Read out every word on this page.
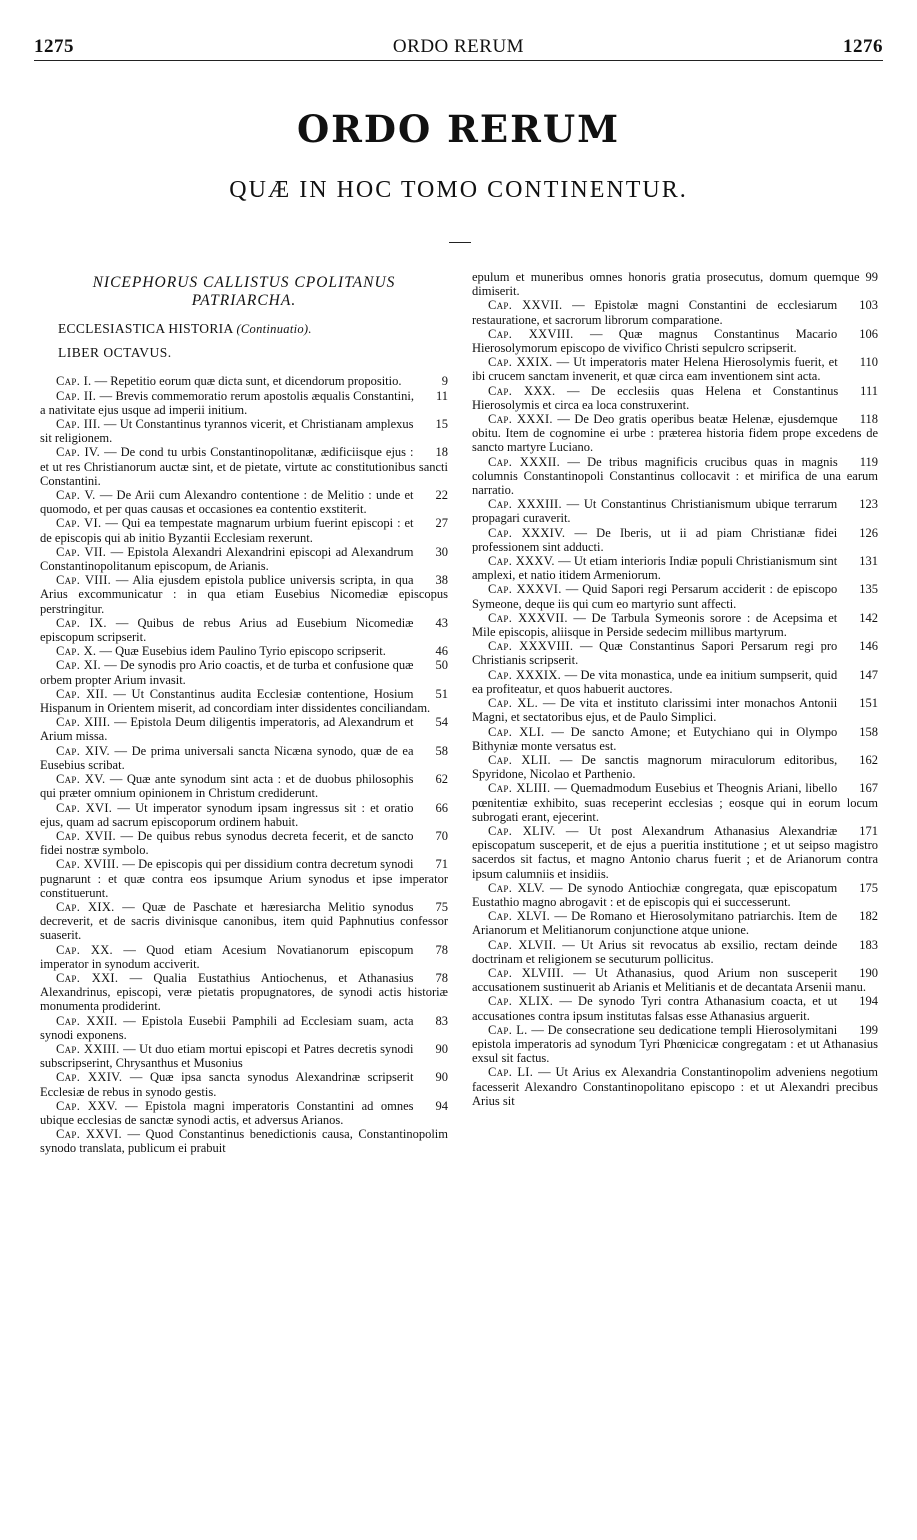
1275	ORDO RERUM	1276
ORDO RERUM
QUÆ IN HOC TOMO CONTINENTUR.
NICEPHORUS CALLISTUS CPOLITANUS PATRIARCHA.
ECCLESIASTICA HISTORIA (Continuatio).
LIBER OCTAVUS.

9
Cap. I. — Repetitio eorum quæ dicta sunt, et dicendorum propositio.

11
Cap. II. — Brevis commemoratio rerum apostolis æqualis Constantini, a nativitate ejus usque ad imperii initium.

15
Cap. III. — Ut Constantinus tyrannos vicerit, et Christianam amplexus sit religionem.

18
Cap. IV. — De cond tu urbis Constantinopolitanæ, ædificiisque ejus : et ut res Christianorum auctæ sint, et de pietate, virtute ac constitutionibus sancti Constantini.

22
Cap. V. — De Arii cum Alexandro contentione : de Melitio : unde et quomodo, et per quas causas et occasiones ea contentio exstiterit.

27
Cap. VI. — Qui ea tempestate magnarum urbium fuerint episcopi : et de episcopis qui ab initio Byzantii Ecclesiam rexerunt.

30
Cap. VII. — Epistola Alexandri Alexandrini episcopi ad Alexandrum Constantinopolitanum episcopum, de Arianis.

38
Cap. VIII. — Alia ejusdem epistola publice universis scripta, in qua Arius excommunicatur : in qua etiam Eusebius Nicomediæ episcopus perstringitur.

43
Cap. IX. — Quibus de rebus Arius ad Eusebium Nicomediæ episcopum scripserit.

46
Cap. X. — Quæ Eusebius idem Paulino Tyrio episcopo scripserit.

50
Cap. XI. — De synodis pro Ario coactis, et de turba et confusione quæ orbem propter Arium invasit.

51
Cap. XII. — Ut Constantinus audita Ecclesiæ contentione, Hosium Hispanum in Orientem miserit, ad concordiam inter dissidentes conciliandam.

54
Cap. XIII. — Epistola Deum diligentis imperatoris, ad Alexandrum et Arium missa.

58
Cap. XIV. — De prima universali sancta Nicæna synodo, quæ de ea Eusebius scribat.

62
Cap. XV. — Quæ ante synodum sint acta : et de duobus philosophis qui præter omnium opinionem in Christum crediderunt.

66
Cap. XVI. — Ut imperator synodum ipsam ingressus sit : et oratio ejus, quam ad sacrum episcoporum ordinem habuit.

70
Cap. XVII. — De quibus rebus synodus decreta fecerit, et de sancto fidei nostræ symbolo.

71
Cap. XVIII. — De episcopis qui per dissidium contra decretum synodi pugnarunt : et quæ contra eos ipsumque Arium synodus et ipse imperator constituerunt.

75
Cap. XIX. — Quæ de Paschate et hæresiarcha Melitio synodus decreverit, et de sacris divinisque canonibus, item quid Paphnutius confessor suaserit.

78
Cap. XX. — Quod etiam Acesium Novatianorum episcopum imperator in synodum acciverit.

78
Cap. XXI. — Qualia Eustathius Antiochenus, et Athanasius Alexandrinus, episcopi, veræ pietatis propugnatores, de synodi actis historiæ monumenta prodiderint.

83
Cap. XXII. — Epistola Eusebii Pamphili ad Ecclesiam suam, acta synodi exponens.

90
Cap. XXIII. — Ut duo etiam mortui episcopi et Patres decretis synodi subscripserint, Chrysanthus et Musonius

90
Cap. XXIV. — Quæ ipsa sancta synodus Alexandrinæ scripserit Ecclesiæ de rebus in synodo gestis.

94
Cap. XXV. — Epistola magni imperatoris Constantini ad omnes ubique ecclesias de sanctæ synodi actis, et adversus Arianos.

Cap. XXVI. — Quod Constantinus benedictionis causa, Constantinopolim synodo translata, publicum ei prabuit

99
epulum et muneribus omnes honoris gratia prosecutus, domum quemque dimiserit.

103
Cap. XXVII. — Epistolæ magni Constantini de ecclesiarum restauratione, et sacrorum librorum comparatione.

106
Cap. XXVIII. — Quæ magnus Constantinus Macario Hierosolymorum episcopo de vivifico Christi sepulcro scripserit.

110
Cap. XXIX. — Ut imperatoris mater Helena Hierosolymis fuerit, et ibi crucem sanctam invenerit, et quæ circa eam inventionem sint acta.

111
Cap. XXX. — De ecclesiis quas Helena et Constantinus Hierosolymis et circa ea loca construxerint.

118
Cap. XXXI. — De Deo gratis operibus beatæ Helenæ, ejusdemque obitu. Item de cognomine ei urbe : præterea historia fidem prope excedens de sancto martyre Luciano.

119
Cap. XXXII. — De tribus magnificis crucibus quas in magnis columnis Constantinopoli Constantinus collocavit : et mirifica de una earum narratio.

123
Cap. XXXIII. — Ut Constantinus Christianismum ubique terrarum propagari curaverit.

126
Cap. XXXIV. — De Iberis, ut ii ad piam Christianæ fidei professionem sint adducti.

131
Cap. XXXV. — Ut etiam interioris Indiæ populi Christianismum sint amplexi, et natio itidem Armeniorum.

135
Cap. XXXVI. — Quid Sapori regi Persarum acciderit : de episcopo Symeone, deque iis qui cum eo martyrio sunt affecti.

142
Cap. XXXVII. — De Tarbula Symeonis sorore : de Acepsima et Mile episcopis, aliisque in Perside sedecim millibus martyrum.

146
Cap. XXXVIII. — Quæ Constantinus Sapori Persarum regi pro Christianis scripserit.

147
Cap. XXXIX. — De vita monastica, unde ea initium sumpserit, quid ea profiteatur, et quos habuerit auctores.

151
Cap. XL. — De vita et instituto clarissimi inter monachos Antonii Magni, et sectatoribus ejus, et de Paulo Simplici.

158
Cap. XLI. — De sancto Amone; et Eutychiano qui in Olympo Bithyniæ monte versatus est.

162
Cap. XLII. — De sanctis magnorum miraculorum editoribus, Spyridone, Nicolao et Parthenio.

167
Cap. XLIII. — Quemadmodum Eusebius et Theognis Ariani, libello pœnitentiæ exhibito, suas receperint ecclesias ; eosque qui in eorum locum subrogati erant, ejecerint.

171
Cap. XLIV. — Ut post Alexandrum Athanasius Alexandriæ episcopatum susceperit, et de ejus a pueritia institutione ; et ut seipso magistro sacerdos sit factus, et magno Antonio charus fuerit ; et de Arianorum contra ipsum calumniis et insidiis.

175
Cap. XLV. — De synodo Antiochiæ congregata, quæ episcopatum Eustathio magno abrogavit : et de episcopis qui ei successerunt.

182
Cap. XLVI. — De Romano et Hierosolymitano patriarchis. Item de Arianorum et Melitianorum conjunctione atque unione.

183
Cap. XLVII. — Ut Arius sit revocatus ab exsilio, rectam deinde doctrinam et religionem se secuturum pollicitus.

190
Cap. XLVIII. — Ut Athanasius, quod Arium non susceperit accusationem sustinuerit ab Arianis et Melitianis et de decantata Arsenii manu.

194
Cap. XLIX. — De synodo Tyri contra Athanasium coacta, et ut accusationes contra ipsum institutas falsas esse Athanasius arguerit.

199
Cap. L. — De consecratione seu dedicatione templi Hierosolymitani epistola imperatoris ad synodum Tyri Phœnicicæ congregatam : et ut Athanasius exsul sit factus.

Cap. LI. — Ut Arius ex Alexandria Constantinopolim adveniens negotium facesserit Alexandro Constantinopolitano episcopo : et ut Alexandri precibus Arius sit
